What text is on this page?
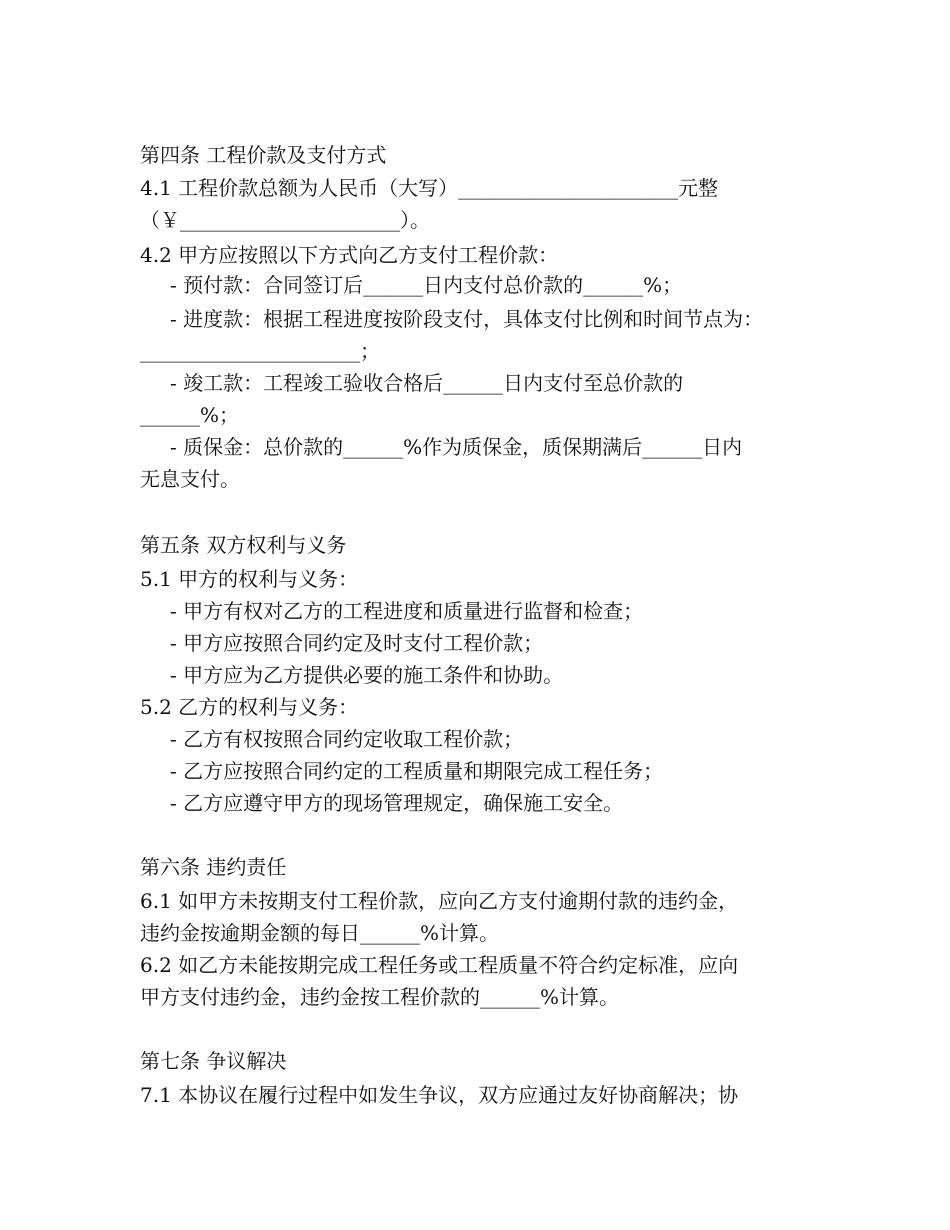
第四条 工程价款及支付方式
4.1 工程价款总额为人民币（大写）______________________元整
（￥______________________）。
4.2 甲方应按照以下方式向乙方支付工程价款：
- 预付款：合同签订后______日内支付总价款的______%；
- 进度款：根据工程进度按阶段支付，具体支付比例和时间节点为：
______________________；
- 竣工款：工程竣工验收合格后______日内支付至总价款的
______%；
- 质保金：总价款的______%作为质保金，质保期满后______日内
无息支付。
第五条 双方权利与义务
5.1 甲方的权利与义务：
- 甲方有权对乙方的工程进度和质量进行监督和检查；
- 甲方应按照合同约定及时支付工程价款；
- 甲方应为乙方提供必要的施工条件和协助。
5.2 乙方的权利与义务：
- 乙方有权按照合同约定收取工程价款；
- 乙方应按照合同约定的工程质量和期限完成工程任务；
- 乙方应遵守甲方的现场管理规定，确保施工安全。
第六条 违约责任
6.1 如甲方未按期支付工程价款，应向乙方支付逾期付款的违约金，
违约金按逾期金额的每日______%计算。
6.2 如乙方未能按期完成工程任务或工程质量不符合约定标准，应向
甲方支付违约金，违约金按工程价款的______%计算。
第七条 争议解决
7.1 本协议在履行过程中如发生争议，双方应通过友好协商解决；协
